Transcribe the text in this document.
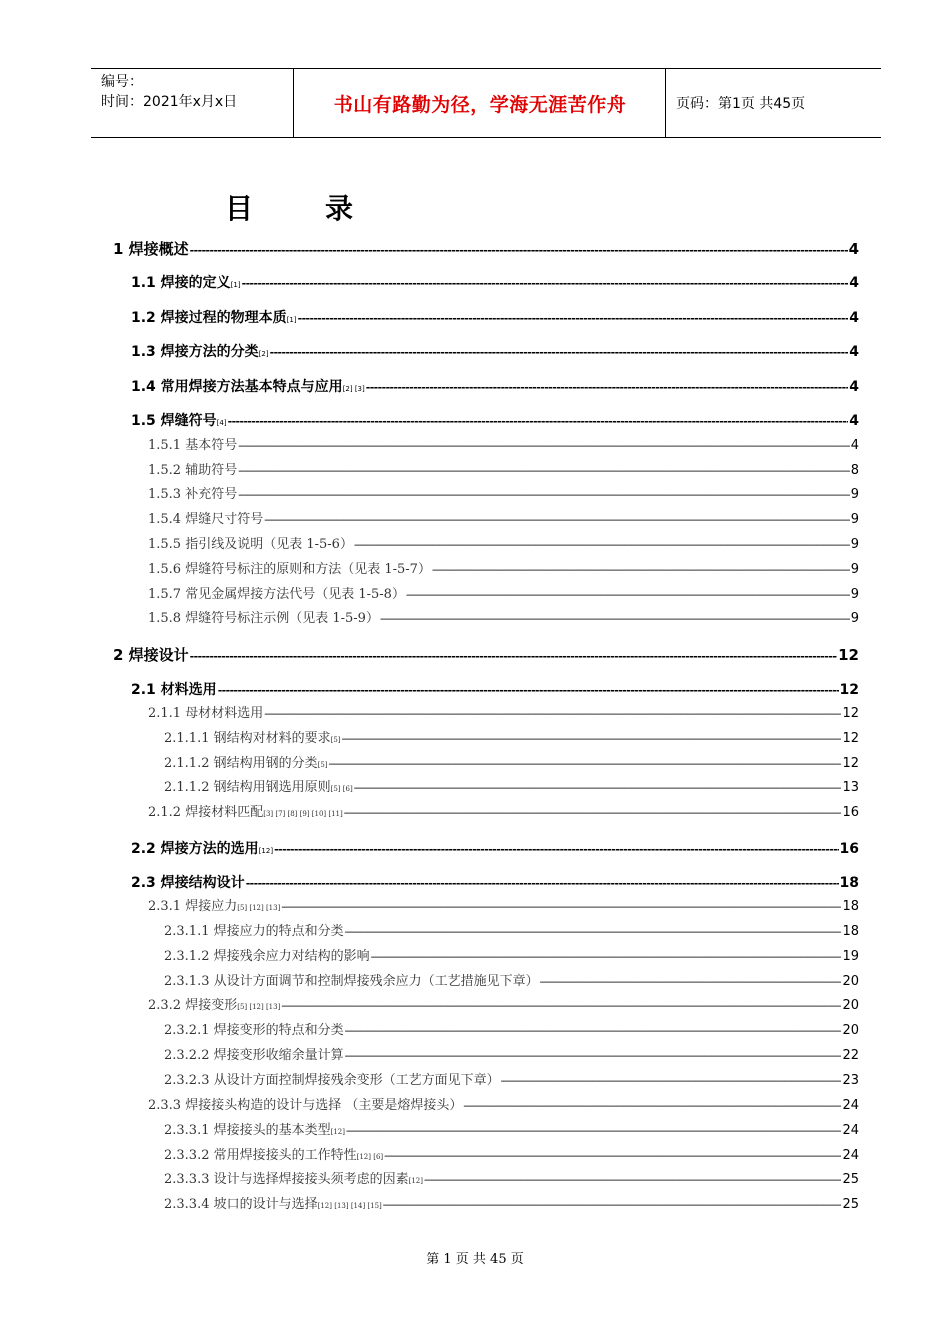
编号：
时间：2021年x月x日	书山有路勤为径，学海无涯苦作舟	页码：第1页 共45页
目	录
1 焊接概述 -----	4
1.1 焊接的定义 [1] -----	4
1.2 焊接过程的物理本质 [1] -----	4
1.3 焊接方法的分类 [2] -----	4
1.4 常用焊接方法基本特点与应用 [2] [3] -----	4
1.5 焊缝符号 [4] -----	4
1.5.1 基本符号 -----	4
1.5.2 辅助符号 -----	8
1.5.3 补充符号 -----	9
1.5.4 焊缝尺寸符号 -----	9
1.5.5 指引线及说明（见表 1-5-6） -----	9
1.5.6 焊缝符号标注的原则和方法（见表 1-5-7） -----	9
1.5.7 常见金属焊接方法代号（见表 1-5-8） -----	9
1.5.8 焊缝符号标注示例（见表 1-5-9） -----	9
2 焊接设计 -----	12
2.1 材料选用 -----	12
2.1.1 母材材料选用 -----	12
2.1.1.1 钢结构对材料的要求 [5] -----	12
2.1.1.2 钢结构用钢的分类 [5] -----	12
2.1.1.2 钢结构用钢选用原则 [5] [6] -----	13
2.1.2 焊接材料匹配 [3] [7] [8] [9] [10] [11] -----	16
2.2 焊接方法的选用 [12] -----	16
2.3 焊接结构设计 -----	18
2.3.1 焊接应力 [5] [12] [13] -----	18
2.3.1.1 焊接应力的特点和分类 -----	18
2.3.1.2 焊接残余应力对结构的影响 -----	19
2.3.1.3 从设计方面调节和控制焊接残余应力（工艺措施见下章） -----	20
2.3.2 焊接变形 [5] [12] [13] -----	20
2.3.2.1 焊接变形的特点和分类 -----	20
2.3.2.2 焊接变形收缩余量计算 -----	22
2.3.2.3 从设计方面控制焊接残余变形（工艺方面见下章） -----	23
2.3.3 焊接接头构造的设计与选择 （主要是熔焊接头） -----	24
2.3.3.1 焊接接头的基本类型 [12] -----	24
2.3.3.2 常用焊接接头的工作特性 [12] [6] -----	24
2.3.3.3 设计与选择焊接接头须考虑的因素 [12] -----	25
2.3.3.4 坡口的设计与选择 [12] [13] [14] [15] -----	25
第 1 页 共 45 页
